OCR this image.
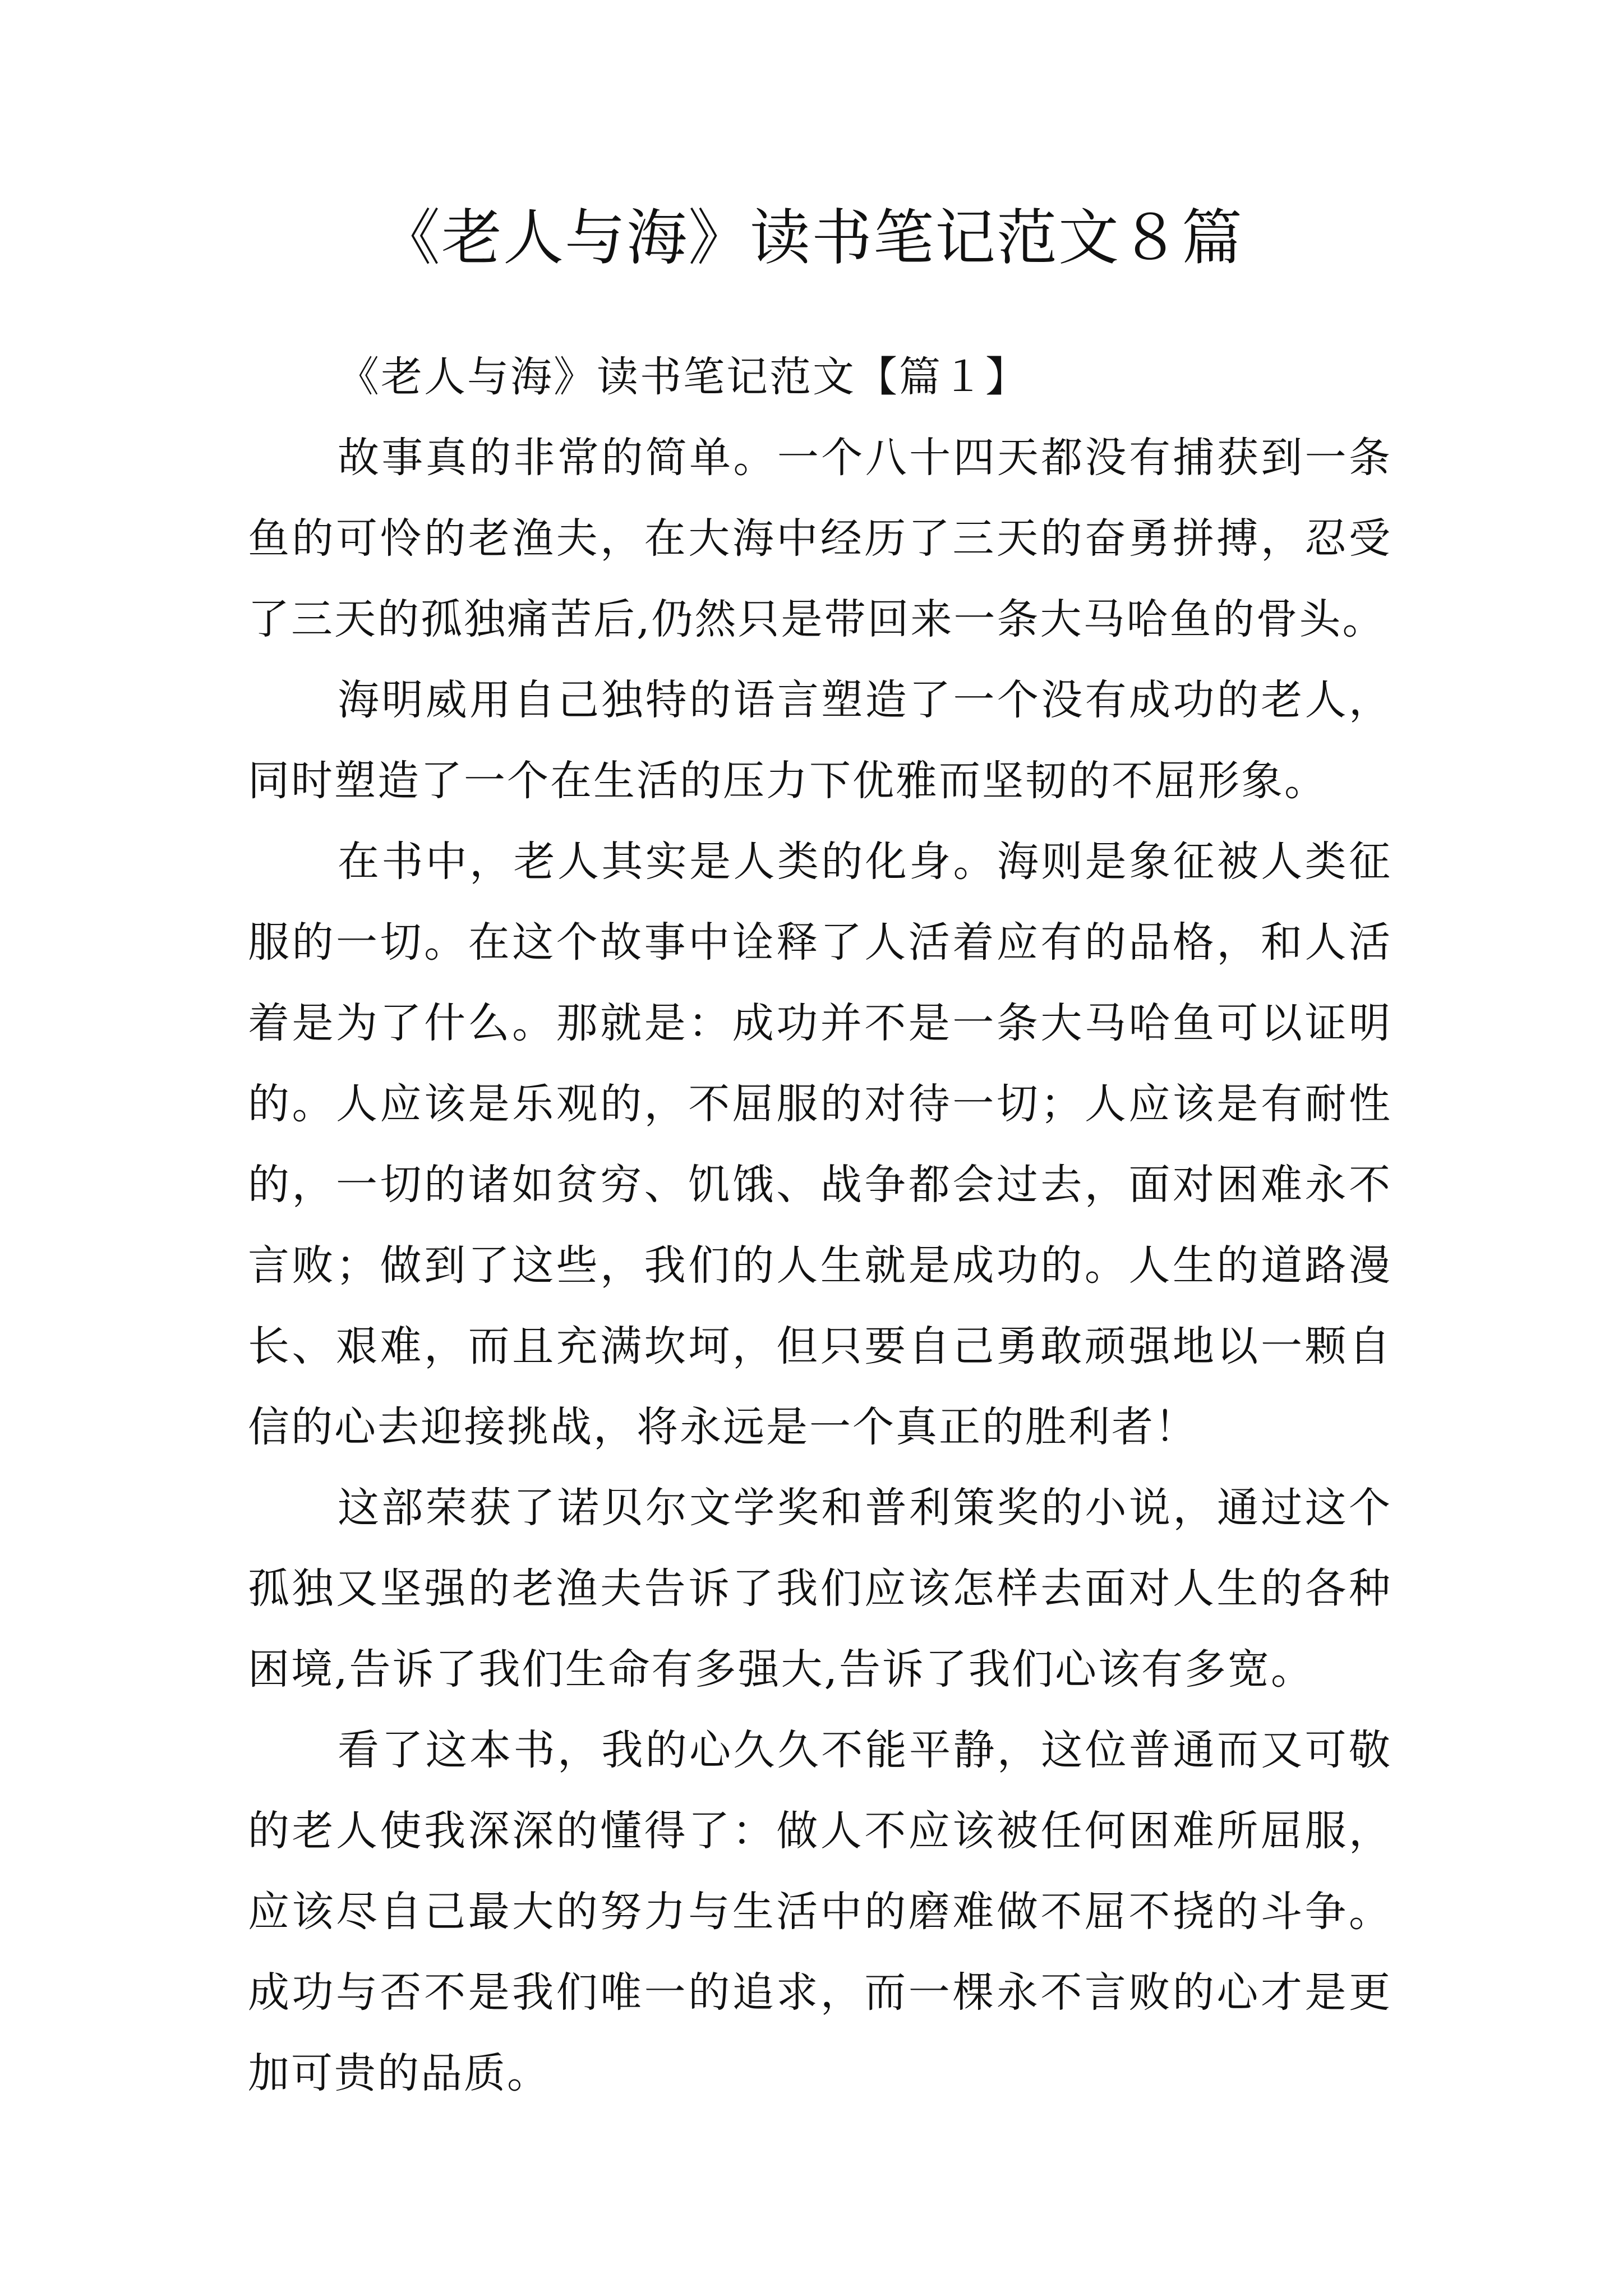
《老人与海》读书笔记范文８篇

《老人与海》读书笔记范文【篇１】

故事真的非常的简单。一个八十四天都没有捕获到一条鱼的可怜的老渔夫，在大海中经历了三天的奋勇拼搏，忍受了三天的孤独痛苦后,仍然只是带回来一条大马哈鱼的骨头。

海明威用自己独特的语言塑造了一个没有成功的老人，同时塑造了一个在生活的压力下优雅而坚韧的不屈形象。

在书中，老人其实是人类的化身。海则是象征被人类征服的一切。在这个故事中诠释了人活着应有的品格，和人活着是为了什么。那就是：成功并不是一条大马哈鱼可以证明的。人应该是乐观的，不屈服的对待一切；人应该是有耐性的，一切的诸如贫穷、饥饿、战争都会过去，面对困难永不言败；做到了这些，我们的人生就是成功的。人生的道路漫长、艰难，而且充满坎坷，但只要自己勇敢顽强地以一颗自信的心去迎接挑战，将永远是一个真正的胜利者！

这部荣获了诺贝尔文学奖和普利策奖的小说，通过这个孤独又坚强的老渔夫告诉了我们应该怎样去面对人生的各种困境,告诉了我们生命有多强大,告诉了我们心该有多宽。

看了这本书，我的心久久不能平静，这位普通而又可敬的老人使我深深的懂得了：做人不应该被任何困难所屈服，应该尽自己最大的努力与生活中的磨难做不屈不挠的斗争。成功与否不是我们唯一的追求，而一棵永不言败的心才是更加可贵的品质。
